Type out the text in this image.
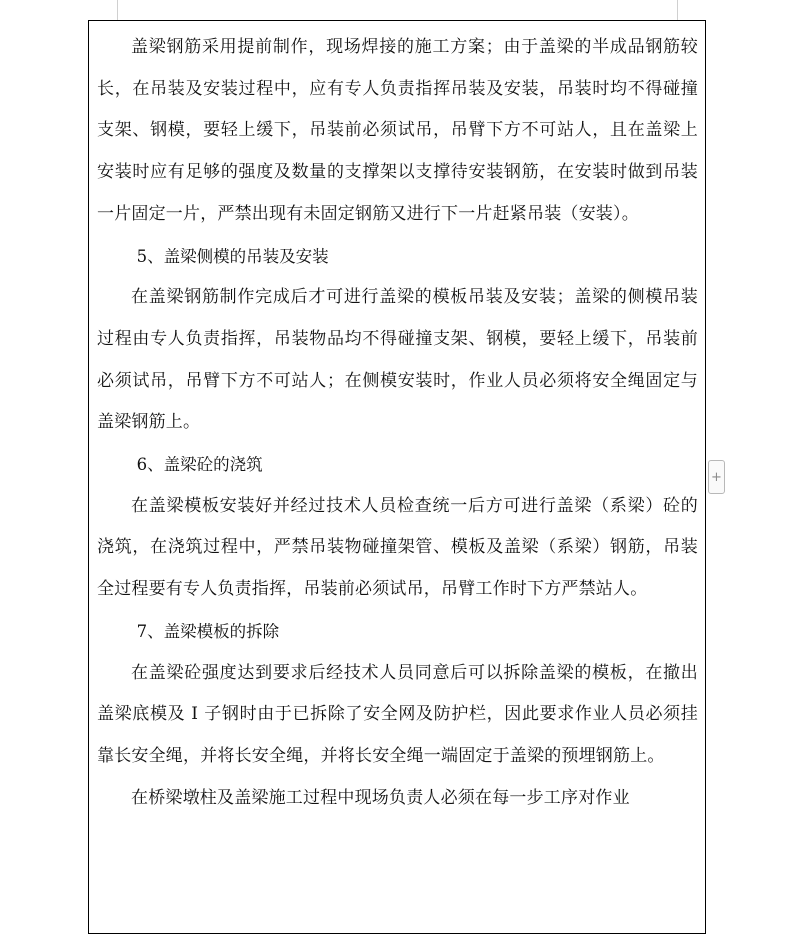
盖梁钢筋采用提前制作，现场焊接的施工方案；由于盖梁的半成品钢筋较长，在吊装及安装过程中，应有专人负责指挥吊装及安装，吊装时均不得碰撞支架、钢模，要轻上缓下，吊装前必须试吊，吊臂下方不可站人，且在盖梁上安装时应有足够的强度及数量的支撑架以支撑待安装钢筋，在安装时做到吊装一片固定一片，严禁出现有未固定钢筋又进行下一片赶紧吊装（安装）。

5、盖梁侧模的吊装及安装

在盖梁钢筋制作完成后才可进行盖梁的模板吊装及安装；盖梁的侧模吊装过程由专人负责指挥，吊装物品均不得碰撞支架、钢模，要轻上缓下，吊装前必须试吊，吊臂下方不可站人；在侧模安装时，作业人员必须将安全绳固定与盖梁钢筋上。

6、盖梁砼的浇筑

在盖梁模板安装好并经过技术人员检查统一后方可进行盖梁（系梁）砼的浇筑，在浇筑过程中，严禁吊装物碰撞架管、模板及盖梁（系梁）钢筋，吊装全过程要有专人负责指挥，吊装前必须试吊，吊臂工作时下方严禁站人。

7、盖梁模板的拆除

在盖梁砼强度达到要求后经技术人员同意后可以拆除盖梁的模板，在撤出盖梁底模及 I 子钢时由于已拆除了安全网及防护栏，因此要求作业人员必须挂靠长安全绳，并将长安全绳，并将长安全绳一端固定于盖梁的预埋钢筋上。

在桥梁墩柱及盖梁施工过程中现场负责人必须在每一步工序对作业

+
